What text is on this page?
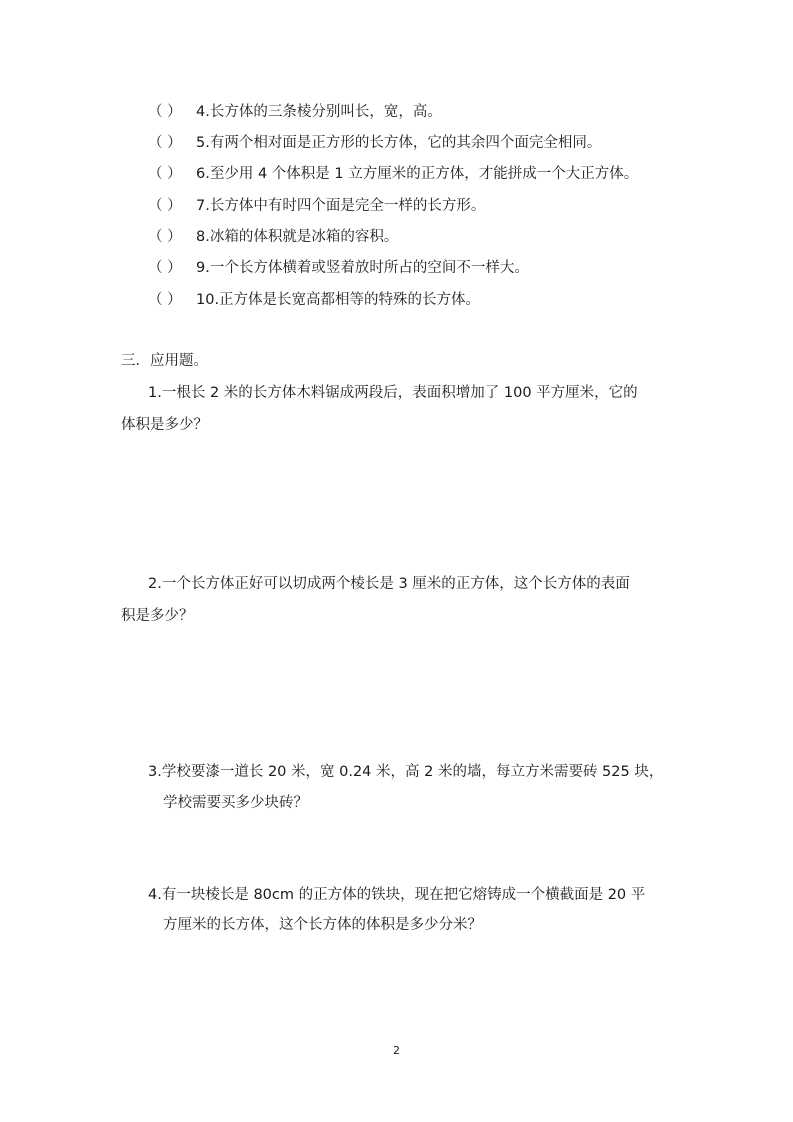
（ ） 4.长方体的三条棱分别叫长，宽，高。
（ ） 5.有两个相对面是正方形的长方体，它的其余四个面完全相同。
（ ） 6.至少用 4 个体积是 1 立方厘米的正方体，才能拼成一个大正方体。
（ ） 7.长方体中有时四个面是完全一样的长方形。
（ ） 8.冰箱的体积就是冰箱的容积。
（ ） 9.一个长方体横着或竖着放时所占的空间不一样大。
（ ） 10.正方体是长宽高都相等的特殊的长方体。
三．应用题。
1.一根长 2 米的长方体木料锯成两段后，表面积增加了 100 平方厘米，它的
体积是多少？
2.一个长方体正好可以切成两个棱长是 3 厘米的正方体，这个长方体的表面
积是多少？
3.学校要漆一道长 20 米，宽 0.24 米，高 2 米的墙，每立方米需要砖 525 块，
学校需要买多少块砖？
4.有一块棱长是 80cm 的正方体的铁块，现在把它熔铸成一个横截面是 20 平
方厘米的长方体，这个长方体的体积是多少分米？
2
